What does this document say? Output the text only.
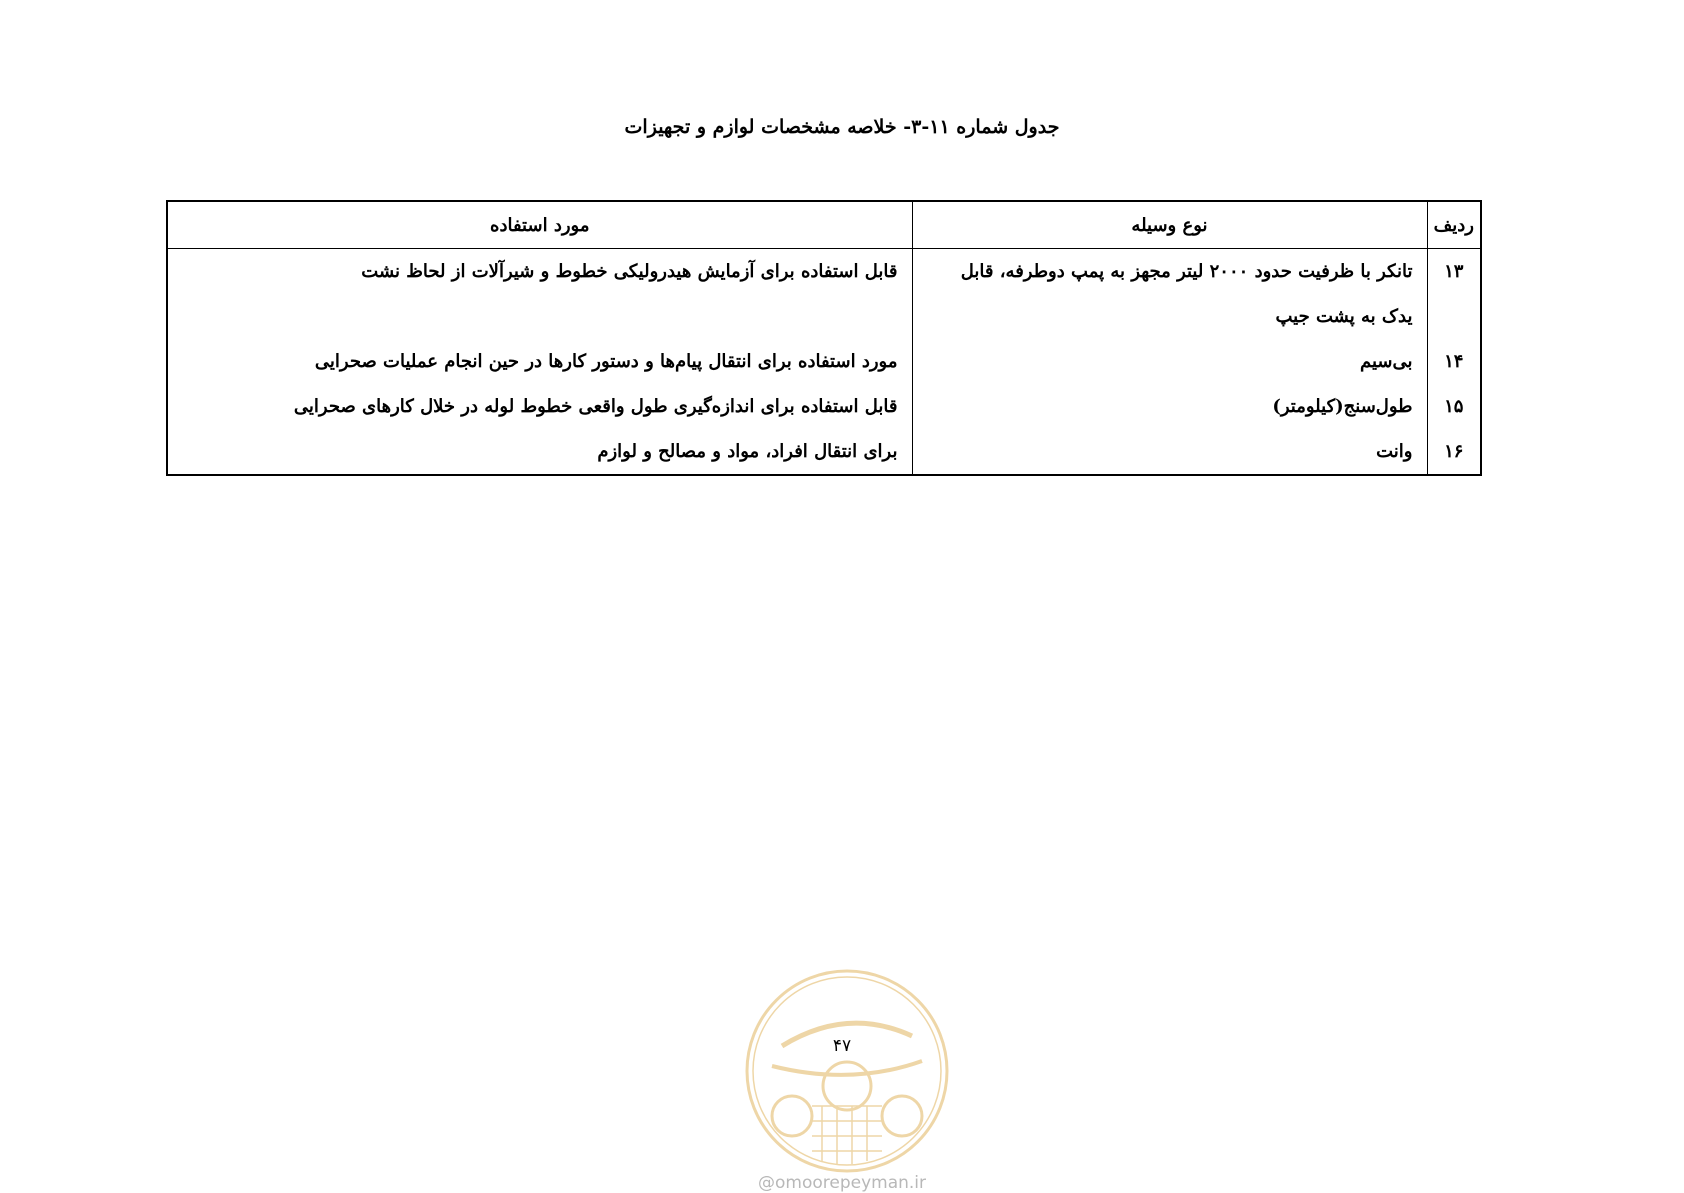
جدول شماره ۱۱-۳- خلاصه مشخصات لوازم و تجهیزات
ردیف	نوع وسیله	مورد استفاده
۱۳	تانکر با ظرفیت حدود ۲۰۰۰ لیتر مجهز به پمپ دوطرفه، قابل	قابل استفاده برای آزمایش هیدرولیکی خطوط و شیرآلات از لحاظ نشت
	یدک به پشت جیپ	
۱۴	بی‌سیم	مورد استفاده برای انتقال پیام‌ها و دستور کارها در حین انجام عملیات صحرایی
۱۵	طول‌سنج(کیلومتر)	قابل استفاده برای اندازه‌گیری طول واقعی خطوط لوله در خلال کارهای صحرایی
۱۶	وانت	برای انتقال افراد، مواد و مصالح و لوازم
۴۷
@omoorepeyman.ir
